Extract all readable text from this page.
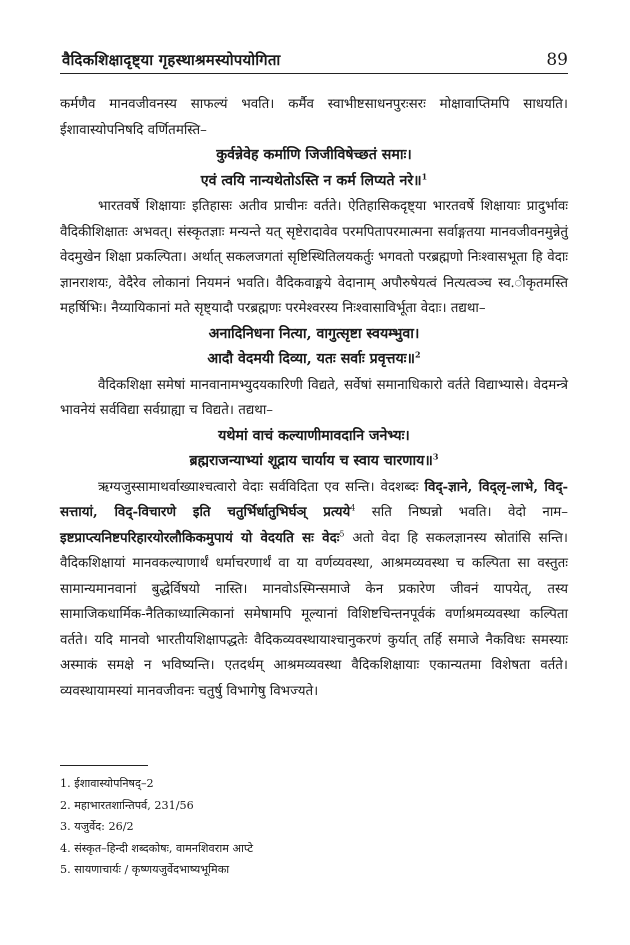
वैदिकशिक्षादृष्ट्या गृहस्थाश्रमस्योपयोगिता	89

कर्मणैव मानवजीवनस्य साफल्यं भवति। कर्मैव स्वाभीष्टसाधनपुरःसरः मोक्षावाप्तिमपि साधयति। ईशावास्योपनिषदि वर्णितमस्ति–

कुर्वन्नेवेह कर्माणि जिजीविषेच्छतं समाः।

एवं त्वयि नान्यथेतोऽस्ति न कर्म लिप्यते नरे॥$^1$

भारतवर्षे शिक्षायाः इतिहासः अतीव प्राचीनः वर्तते। ऐतिहासिकदृष्ट्या भारतवर्षे शिक्षायाः प्रादुर्भावः वैदिकीशिक्षातः अभवत्। संस्कृतज्ञाः मन्यन्ते यत् सृष्टेरादावेव परमपितापरमात्मना सर्वाङ्गतया मानवजीवनमुन्नेतुं वेदमुखेन शिक्षा प्रकल्पिता। अर्थात् सकलजगतां सृष्टिस्थितिलयकर्तुः भगवतो परब्रह्मणो निःश्वासभूता हि वेदाः ज्ञानराशयः, वेदैरेव लोकानां नियमनं भवति। वैदिकवाङ्मये वेदानाम् अपौरुषेयत्वं नित्यत्वञ्च स्व.ीकृतमस्ति महर्षिभिः। नैय्यायिकानां मते सृष्ट्यादौ परब्रह्मणः परमेश्वरस्य निःश्वासाविर्भूता वेदाः। तद्यथा–

अनादिनिधना नित्या, वागुत्सृष्टा स्वयम्भुवा।

आदौ वेदमयी दिव्या, यतः सर्वाः प्रवृत्तयः॥$^2$

वैदिकशिक्षा समेषां मानवानामभ्युदयकारिणी विद्यते, सर्वेषां समानाधिकारो वर्तते विद्याभ्यासे। वेदमन्त्रे भावनेयं सर्वविद्या सर्वग्राह्या च विद्यते। तद्यथा–

यथेमां वाचं कल्याणीमावदानि जनेभ्यः।

ब्रह्मराजन्याभ्यां शूद्राय चार्याय च स्वाय चारणाय॥$^3$

ऋग्यजुस्सामाथर्वाख्याश्चत्वारो वेदाः सर्वविदिता एव सन्ति। वेदशब्दः विद्-ज्ञाने, विद्लृ-लाभे, विद्-सत्तायां, विद्-विचारणे इति चतुर्भिर्धातुभिर्घञ् प्रत्यये$^4$ सति निष्पन्नो भवति। वेदो नाम– इष्टप्राप्त्यनिष्टपरिहारयोरलौकिकमुपायं यो वेदयति सः वेदः$^5$ अतो वेदा हि सकलज्ञानस्य स्रोतांसि सन्ति। वैदिकशिक्षायां मानवकल्याणार्थं धर्माचरणार्थं वा या वर्णव्यवस्था, आश्रमव्यवस्था च कल्पिता सा वस्तुतः सामान्यमानवानां बुद्धेर्विषयो नास्ति। मानवोऽस्मिन्समाजे केन प्रकारेण जीवनं यापयेत्, तस्य सामाजिकधार्मिक-नैतिकाध्यात्मिकानां समेषामपि मूल्यानां विशिष्टचिन्तनपूर्वकं वर्णाश्रमव्यवस्था कल्पिता वर्तते। यदि मानवो भारतीयशिक्षापद्धतेः वैदिकव्यवस्थायाश्चानुकरणं कुर्यात् तर्हि समाजे नैकविधः समस्याः अस्माकं समक्षे न भविष्यन्ति। एतदर्थम् आश्रमव्यवस्था वैदिकशिक्षायाः एकान्यतमा विशेषता वर्तते। व्यवस्थायामस्यां मानवजीवनः चतुर्षु विभागेषु विभज्यते।

1. ईशावास्योपनिषद्–2
2. महाभारतशान्तिपर्व, 231/56
3. यजुर्वेद: 26/2
4. संस्कृत–हिन्दी शब्दकोषः, वामनशिवराम आप्टे
5. सायणाचार्यः / कृष्णयजुर्वेदभाष्यभूमिका
